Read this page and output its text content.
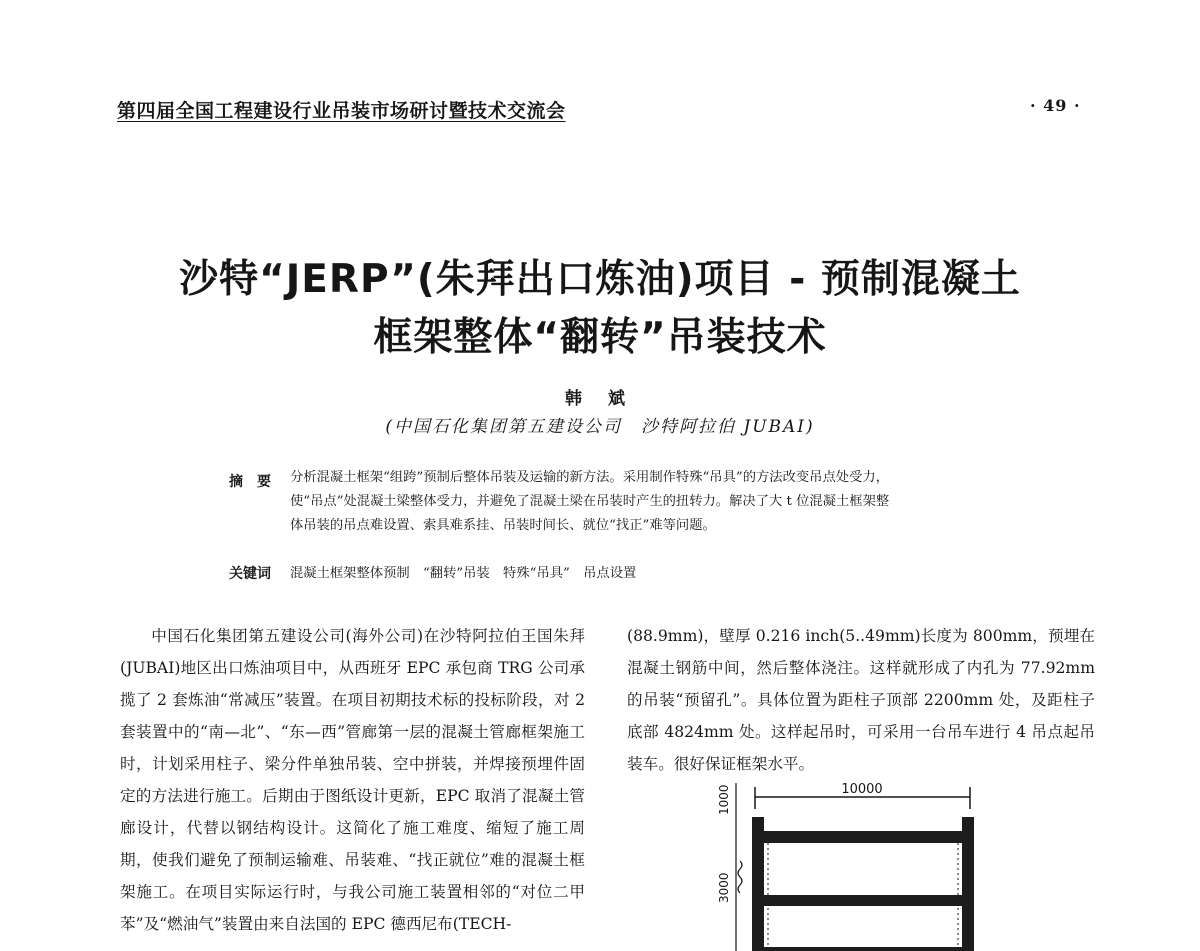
第四届全国工程建设行业吊装市场研讨暨技术交流会	· 49 ·
沙特“JERP”(朱拜出口炼油)项目 - 预制混凝土
框架整体“翻转”吊装技术
韩 斌
(中国石化集团第五建设公司　沙特阿拉伯 JUBAI)
摘　要 分析混凝土框架“组跨”预制后整体吊装及运输的新方法。采用制作特殊“吊具”的方法改变吊点处受力，
使“吊点”处混凝土梁整体受力，并避免了混凝土梁在吊装时产生的扭转力。解决了大 t 位混凝土框架整
体吊装的吊点难设置、索具难系挂、吊装时间长、就位“找正”难等问题。
关键词 混凝土框架整体预制　“翻转”吊装　特殊“吊具”　吊点设置

中国石化集团第五建设公司(海外公司)在沙特阿拉伯王国朱拜(JUBAI)地区出口炼油项目中，从西班牙 EPC 承包商 TRG 公司承揽了 2 套炼油“常减压”装置。在项目初期技术标的投标阶段，对 2 套装置中的“南—北”、“东—西”管廊第一层的混凝土管廊框架施工时，计划采用柱子、梁分件单独吊装、空中拼装，并焊接预埋件固定的方法进行施工。后期由于图纸设计更新，EPC 取消了混凝土管廊设计，代替以钢结构设计。这简化了施工难度、缩短了施工周期，使我们避免了预制运输难、吊装难、“找正就位”难的混凝土框架施工。在项目实际运行时，与我公司施工装置相邻的“对位二甲苯”及“燃油气”装置由来自法国的 EPC 德西尼布(TECH-

(88.9mm)，壁厚 0.216 inch(5..49mm)长度为 800mm，预埋在混凝土钢筋中间，然后整体浇注。这样就形成了内孔为 77.92mm 的吊装“预留孔”。具体位置为距柱子顶部 2200mm 处，及距柱子底部 4824mm 处。这样起吊时，可采用一台吊车进行 4 吊点起吊装车。很好保证框架水平。

10000
1000
3000
